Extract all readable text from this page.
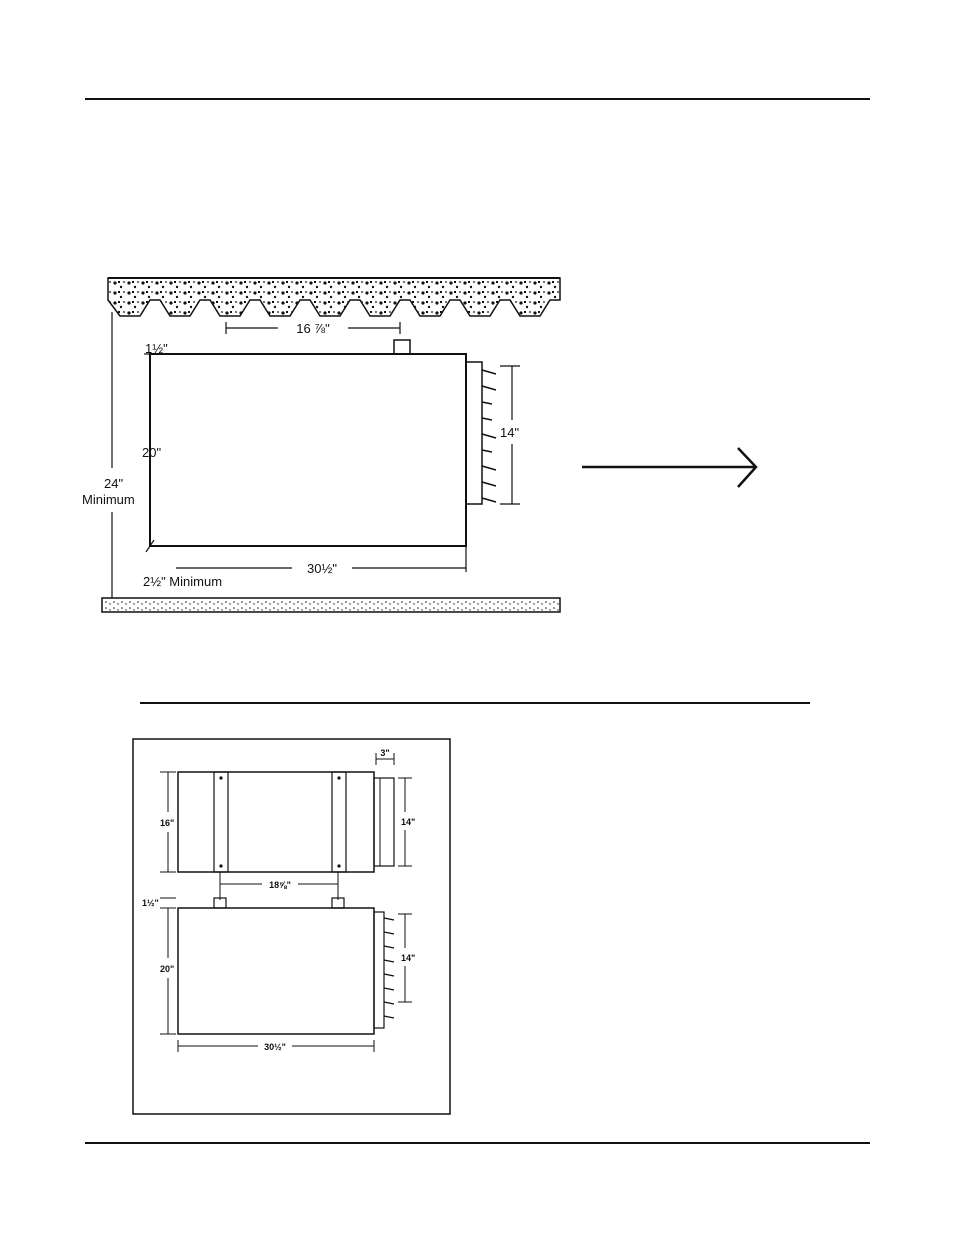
16 ⅞"
1½"
20"
24"
Minimum
30½"
2½" Minimum
14"
3"
16"	14"
18⅝"
1½"
20"
14"
30½"
